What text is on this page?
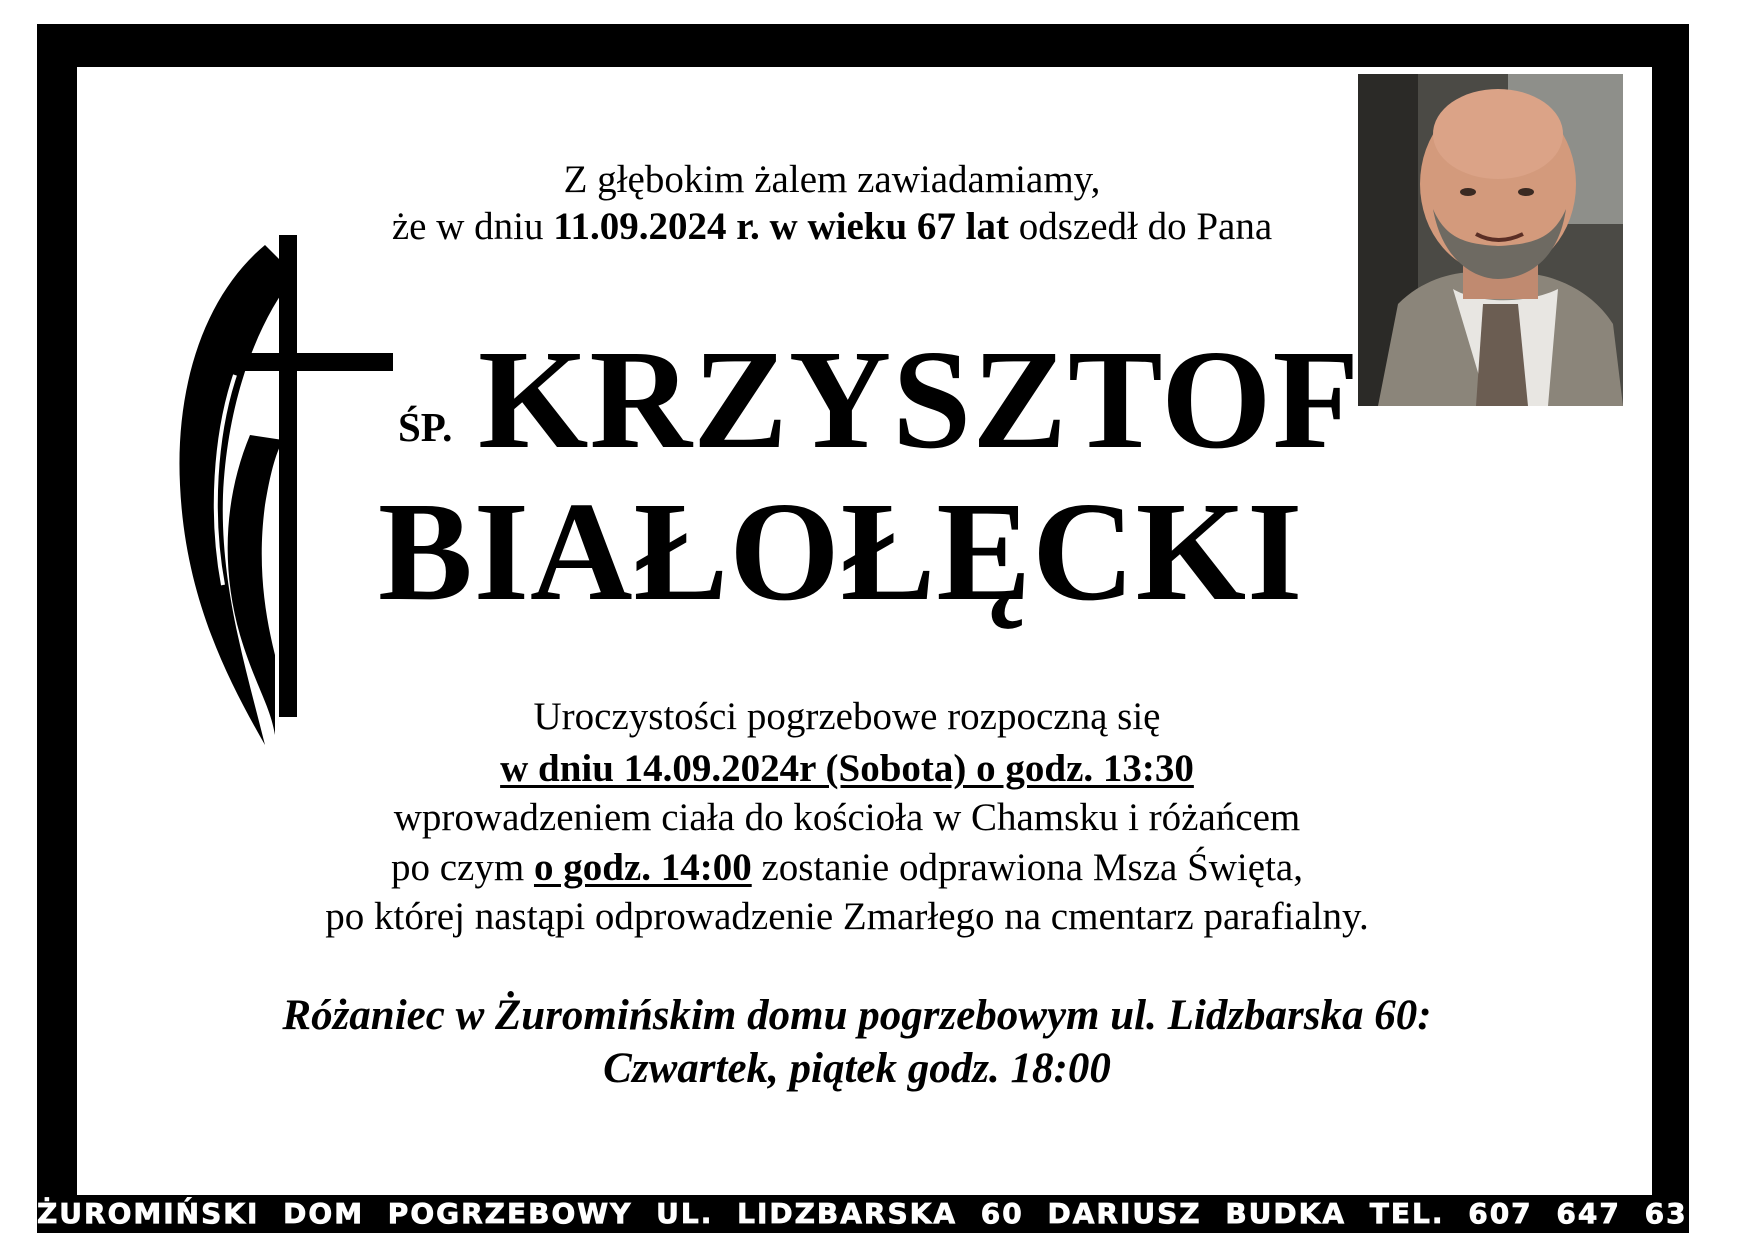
Z głębokim żalem zawiadamiamy,
że w dniu 11.09.2024 r. w wieku 67 lat odszedł do Pana
ŚP. KRZYSZTOF
BIAŁOŁĘCKI
Uroczystości pogrzebowe rozpoczną się
w dniu 14.09.2024r (Sobota) o godz. 13:30
wprowadzeniem ciała do kościoła w Chamsku i różańcem
po czym o godz. 14:00 zostanie odprawiona Msza Święta,
po której nastąpi odprowadzenie Zmarłego na cmentarz parafialny.
Różaniec w Żuromińskim domu pogrzebowym ul. Lidzbarska 60:
Czwartek, piątek godz. 18:00
ŻUROMIŃSKI DOM POGRZEBOWY UL. LIDZBARSKA 60 DARIUSZ BUDKA TEL. 607 647 633
